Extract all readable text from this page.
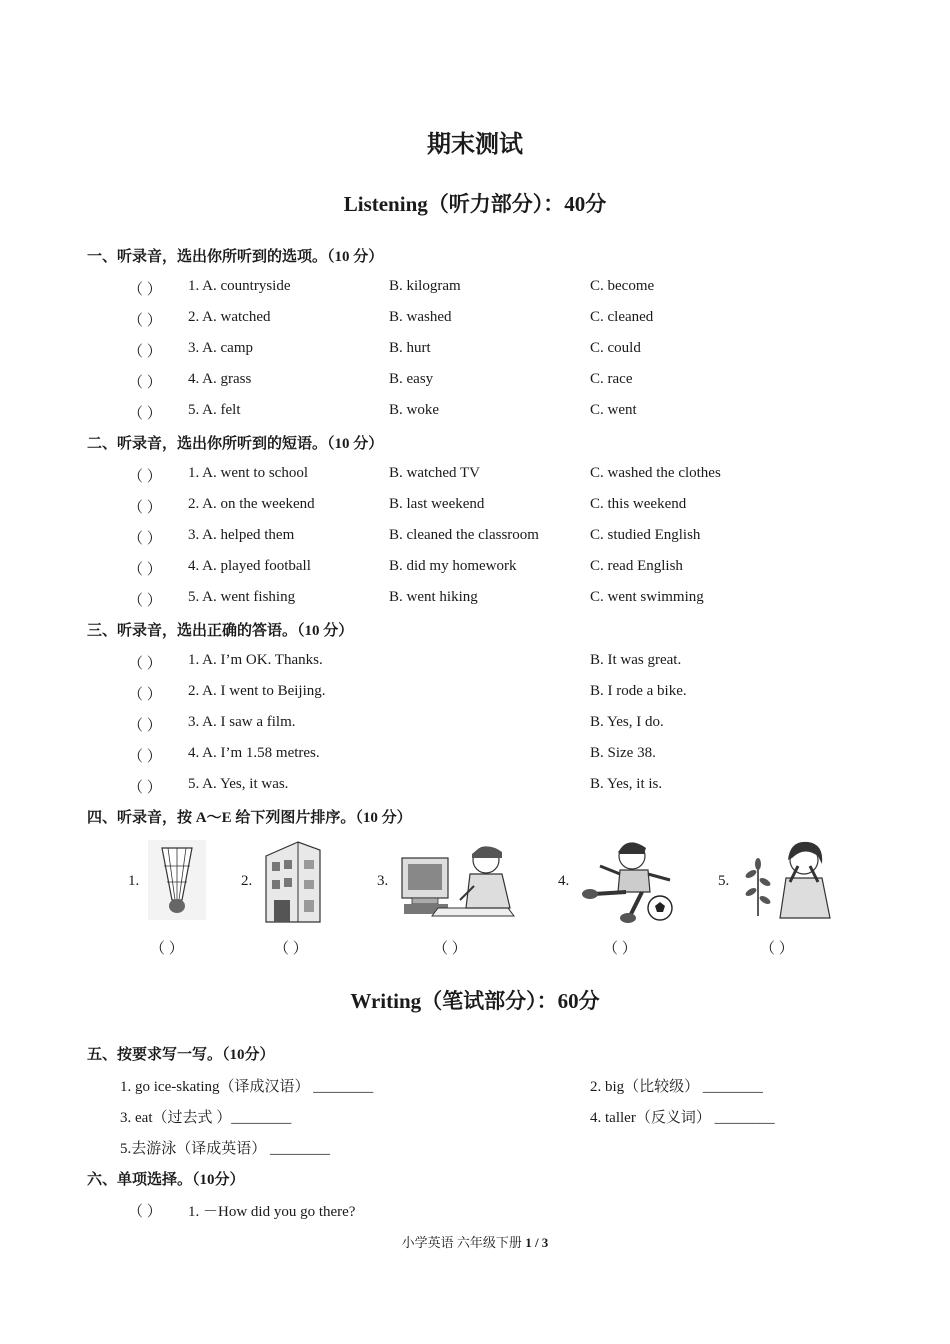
期末测试
Listening（听力部分）：40分
一、听录音，选出你所听到的选项。（10 分）
（ ） 1. A. countryside	B. kilogram	C. become
（ ） 2. A. watched	B. washed	C. cleaned
（ ） 3. A. camp	B. hurt	C. could
（ ） 4. A. grass	B. easy	C. race
（ ） 5. A. felt	B. woke	C. went
二、听录音，选出你所听到的短语。（10 分）
（ ） 1. A. went to school	B. watched TV	C. washed the clothes
（ ） 2. A. on the weekend	B. last weekend	C. this weekend
（ ） 3. A. helped them	B. cleaned the classroom	C. studied English
（ ） 4. A. played football	B. did my homework	C. read English
（ ） 5. A. went fishing	B. went hiking	C. went swimming
三、听录音，选出正确的答语。（10 分）
（ ） 1. A. I’m OK. Thanks.	B. It was great.
（ ） 2. A. I went to Beijing.	B. I rode a bike.
（ ） 3. A. I saw a film.	B. Yes, I do.
（ ） 4. A. I’m 1.58 metres.	B. Size 38.
（ ） 5. A. Yes, it was.	B. Yes, it is.
四、听录音，按 A～E 给下列图片排序。（10 分）
1.
（ ）
2.
（ ）
3.
（ ）
4.
（ ）
5.
（ ）
Writing（笔试部分）：60分
五、按要求写一写。（10分）
1. go ice-skating（译成汉语） ________	2. big（比较级） ________
3. eat（过去式 ）________	4. taller（反义词） ________
5.去游泳（译成英语） ________
六、单项选择。（10分）
（ ） 1. －How did you go there?
小学英语 六年级下册 1 / 3
